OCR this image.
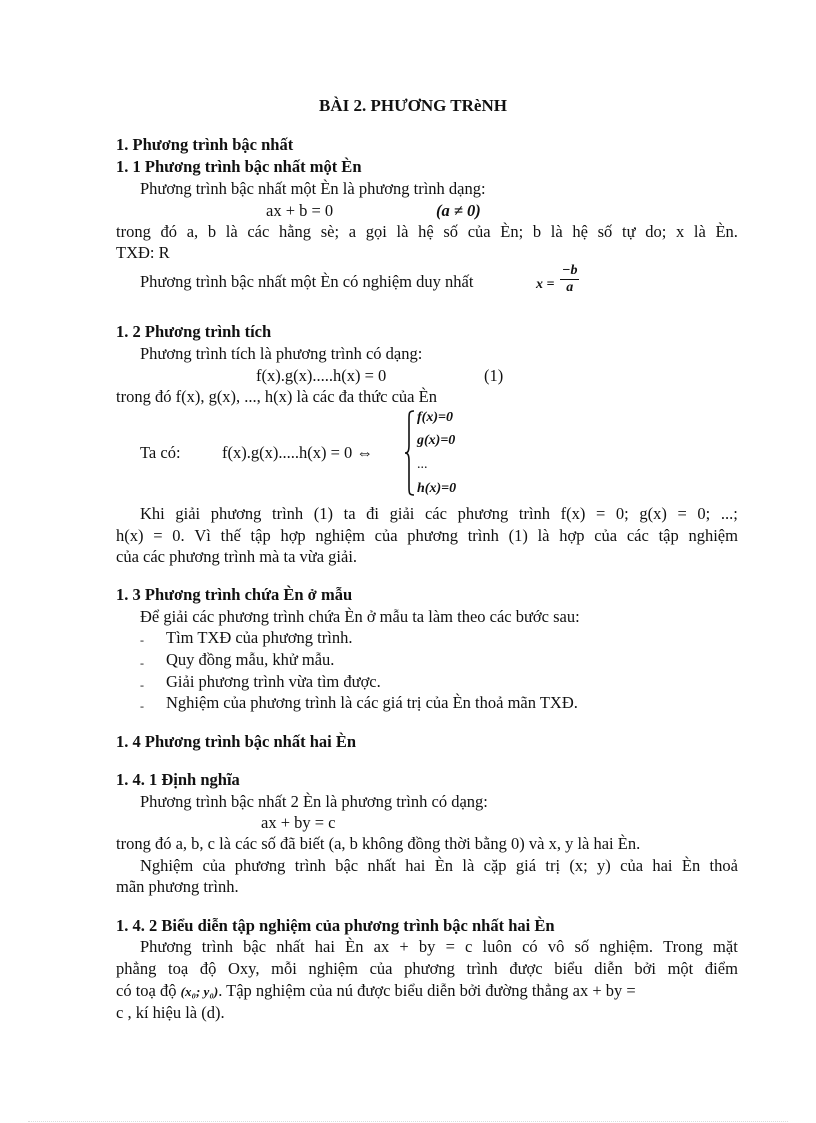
BÀI 2. PHƯƠNG TRèNH
1. Phương trình bậc nhất
1. 1 Phương trình bậc nhất một Èn
Phương trình bậc nhất một Èn là phương trình dạng:
ax + b = 0	(a ≠ 0)
trong đó a, b là các hằng sè; a gọi là hệ số của Èn; b là hệ số tự do; x là Èn.
TXĐ: R
Phương trình bậc nhất một Èn có nghiệm duy nhất	$x = \frac{-b}{a}$
1. 2 Phương trình tích
Phương trình tích là phương trình có dạng:
f(x).g(x).....h(x) = 0	(1)
trong đó f(x), g(x), ..., h(x) là các đa thức của Èn
Ta có:	f(x).g(x).....h(x) = 0 ⇔
f(x)=0
g(x)=0
...
h(x)=0
Khi giải phương trình (1) ta đi giải các phương trình f(x) = 0; g(x) = 0; ...;
h(x) = 0. Vì thế tập hợp nghiệm của phương trình (1) là hợp của các tập nghiệm
của các phương trình mà ta vừa giải.
1. 3 Phương trình chứa Èn ở mẫu
Để giải các phương trình chứa Èn ở mẫu ta làm theo các bước sau:
- Tìm TXĐ của phương trình.
- Quy đồng mẫu, khử mẫu.
- Giải phương trình vừa tìm được.
- Nghiệm của phương trình là các giá trị của Èn thoả mãn TXĐ.
1. 4 Phương trình bậc nhất hai Èn
1. 4. 1 Định nghĩa
Phương trình bậc nhất 2 Èn là phương trình có dạng:
ax + by = c
trong đó a, b, c là các số đã biết (a, b không đồng thời bằng 0) và x, y là hai Èn.
Nghiệm của phương trình bậc nhất hai Èn là cặp giá trị (x; y) của hai Èn thoả
mãn phương trình.
1. 4. 2 Biểu diễn tập nghiệm của phương trình bậc nhất hai Èn
Phương trình bậc nhất hai Èn ax + by = c luôn có vô số nghiệm. Trong mặt
phẳng toạ độ Oxy, mỗi nghiệm của phương trình được biểu diễn bởi một điểm
có toạ độ (x₀; y₀). Tập nghiệm của nú được biểu diễn bởi đường thẳng ax + by =
c , kí hiệu là (d).
